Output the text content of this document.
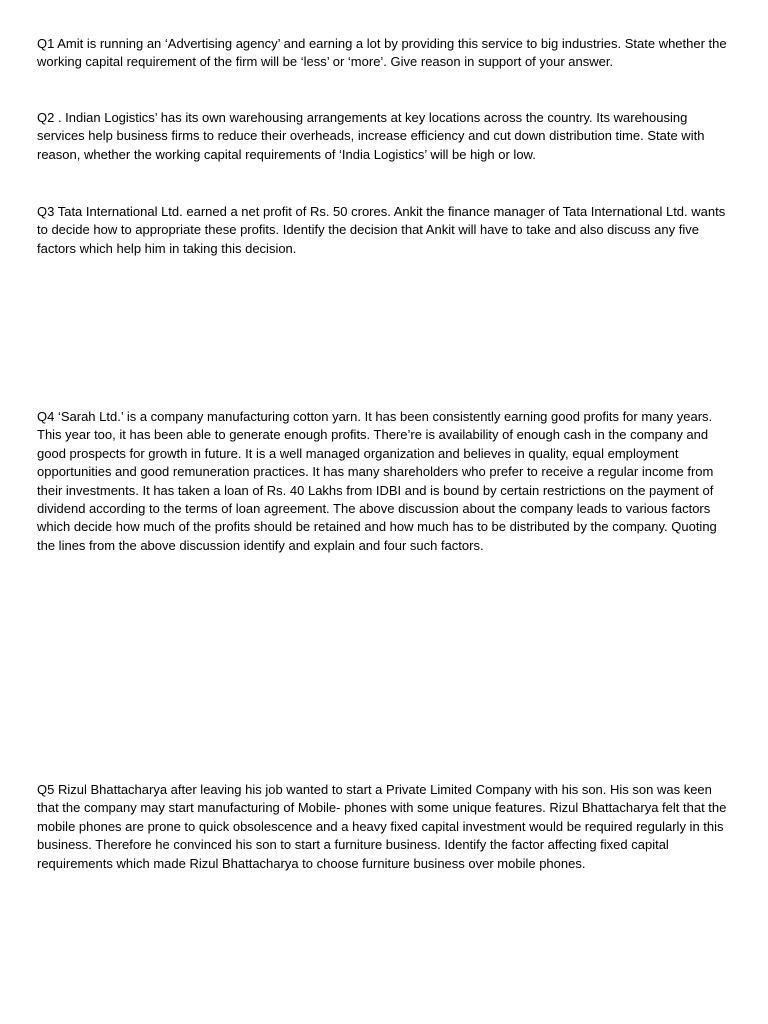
Q1 Amit is running an ‘Advertising agency’ and earning a lot by providing this service to big industries. State whether the working capital requirement of the firm will be ‘less’ or ‘more’. Give reason in support of your answer.

Q2 . Indian Logistics’ has its own warehousing arrangements at key locations across the country. Its warehousing services help business firms to reduce their overheads, increase efficiency and cut down distribution time. State with reason, whether the working capital requirements of ‘India Logistics’ will be high or low.

Q3 Tata International Ltd. earned a net profit of Rs. 50 crores. Ankit the finance manager of Tata International Ltd. wants to decide how to appropriate these profits. Identify the decision that Ankit will have to take and also discuss any five factors which help him in taking this decision.

Q4 ‘Sarah Ltd.’ is a company manufacturing cotton yarn. It has been consistently earning good profits for many years. This year too, it has been able to generate enough profits. There’re is availability of enough cash in the company and good prospects for growth in future. It is a well managed organization and believes in quality, equal employment opportunities and good remuneration practices. It has many shareholders who prefer to receive a regular income from their investments. It has taken a loan of Rs. 40 Lakhs from IDBI and is bound by certain restrictions on the payment of dividend according to the terms of loan agreement. The above discussion about the company leads to various factors which decide how much of the profits should be retained and how much has to be distributed by the company. Quoting the lines from the above discussion identify and explain and four such factors.

Q5 Rizul Bhattacharya after leaving his job wanted to start a Private Limited Company with his son. His son was keen that the company may start manufacturing of Mobile- phones with some unique features. Rizul Bhattacharya felt that the mobile phones are prone to quick obsolescence and a heavy fixed capital investment would be required regularly in this business. Therefore he convinced his son to start a furniture business. Identify the factor affecting fixed capital requirements which made Rizul Bhattacharya to choose furniture business over mobile phones.
